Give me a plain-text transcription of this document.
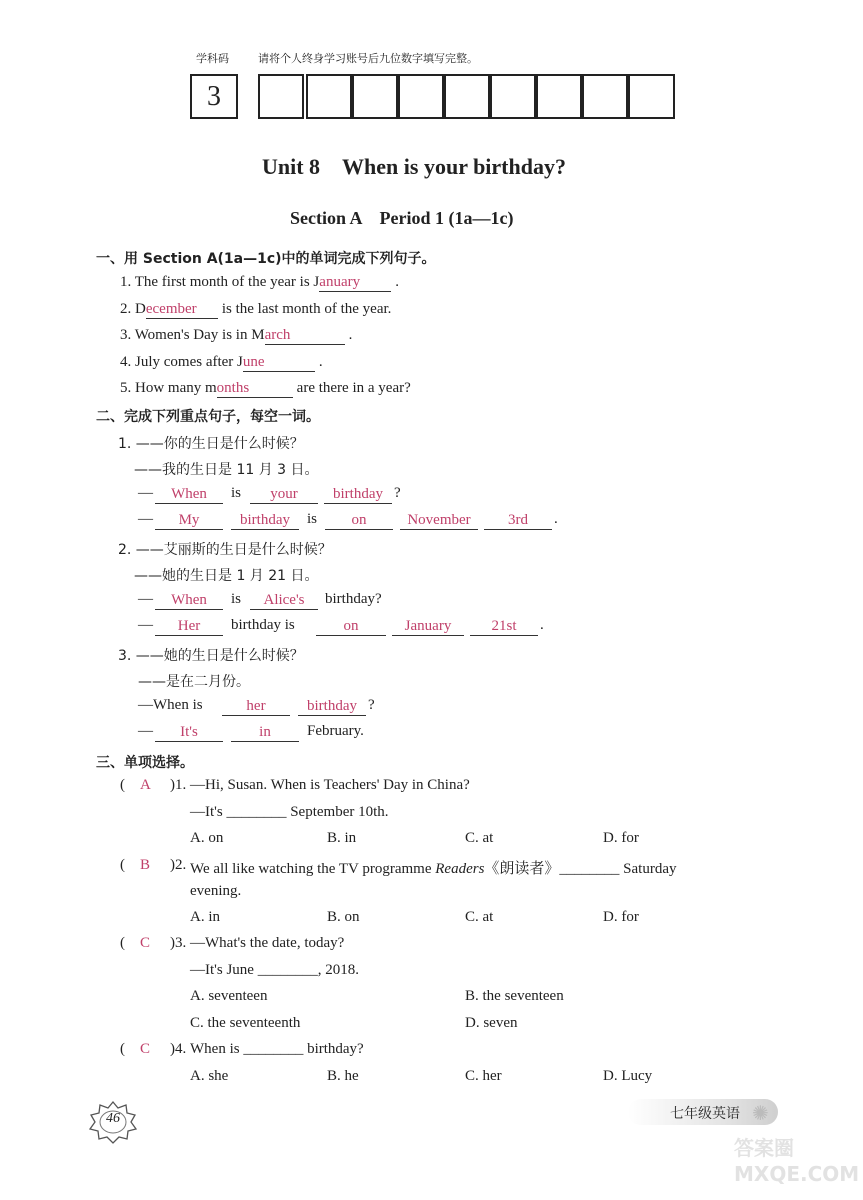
学科码	请将个人终身学习账号后九位数字填写完整。
3
Unit 8　When is your birthday?
Section A　Period 1 (1a—1c)
一、用 Section A(1a—1c)中的单词完成下列句子。
1. The first month of the year is January .
2. December is the last month of the year.
3. Women's Day is in March	.
4. July comes after June	.
5. How many months	are there in a year?
二、完成下列重点句子，每空一词。
1. ——你的生日是什么时候？
——我的生日是 11 月 3 日。
—	When	is	your	birthday ?
—	My	birthday	is	on	November	3rd	.
2. ——艾丽斯的生日是什么时候？
——她的生日是 1 月 21 日。
—	When	is	Alice's	birthday?
—	Her	birthday is	on	January	21st	.
3. ——她的生日是什么时候？
——是在二月份。
—When is	her	birthday ?
—	It's	in	February.
三、单项选择。
( A )1. —Hi, Susan. When is Teachers' Day in China?
—It's ________ September 10th.
A. on	B. in	C. at	D. for
( B )2. We all like watching the TV programme Readers《朗读者》________ Saturday
evening.
A. in	B. on	C. at	D. for
( C )3. —What's the date, today?
—It's June ________, 2018.
A. seventeen	B. the seventeen
C. the seventeenth	D. seven
( C )4. When is ________ birthday?
A. she	B. he	C. her	D. Lucy
46	七年级英语 ✺
答案圈 MXQE.COM
